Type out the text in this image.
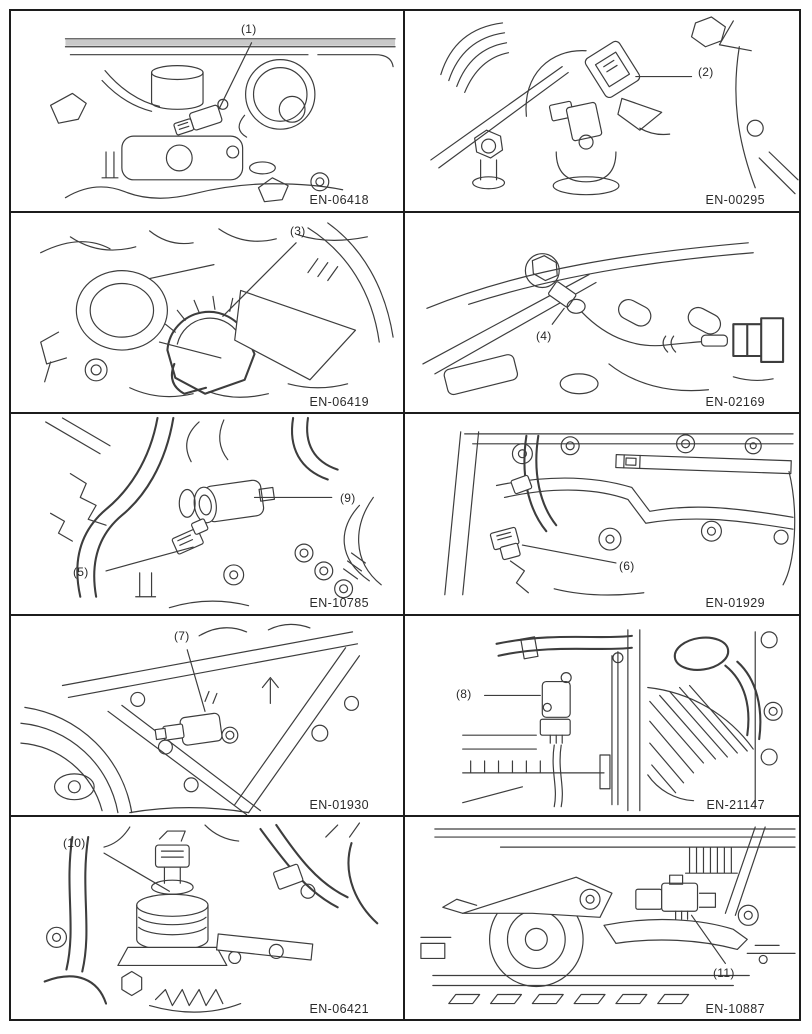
(1)
EN-06418
(2)
EN-00295
(3)
EN-06419
(4)
EN-02169
(5)
(9)
EN-10785
(6)
EN-01929
(7)
EN-01930
(8)
EN-21147
(10)
EN-06421
(11)
EN-10887
